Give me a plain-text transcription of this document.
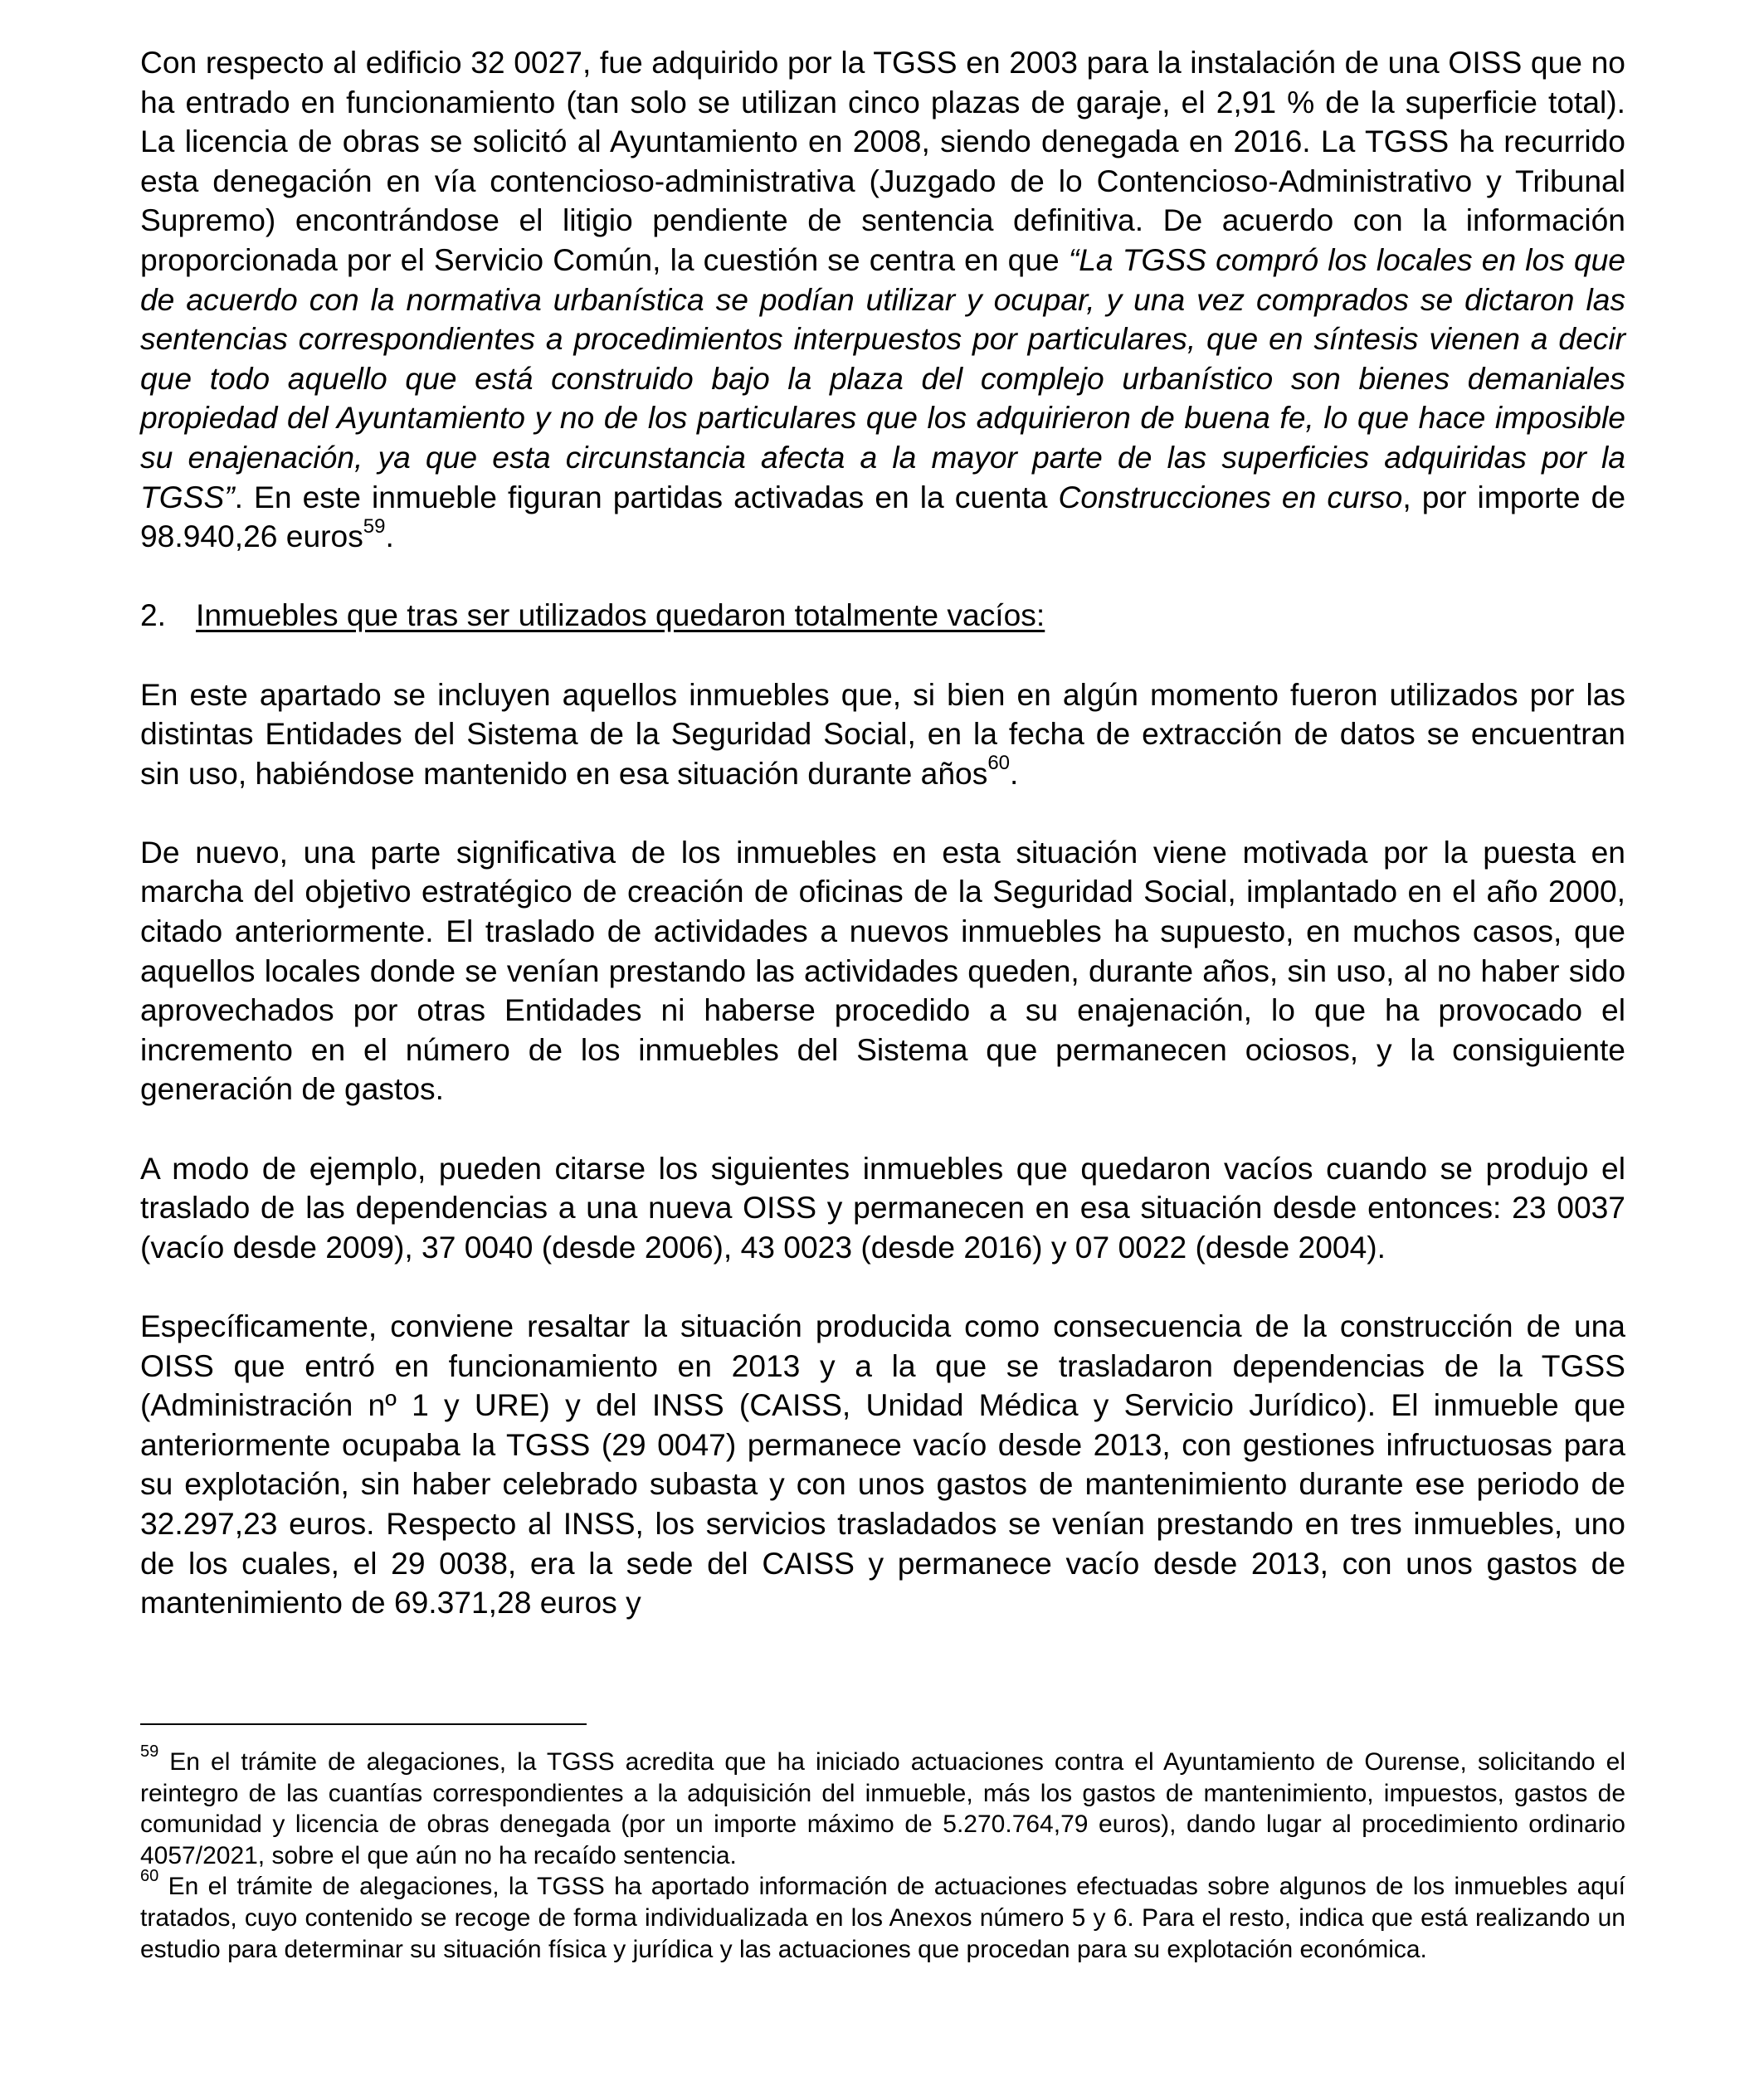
Con respecto al edificio 32 0027, fue adquirido por la TGSS en 2003 para la instalación de una OISS que no ha entrado en funcionamiento (tan solo se utilizan cinco plazas de garaje, el 2,91 % de la superficie total). La licencia de obras se solicitó al Ayuntamiento en 2008, siendo denegada en 2016. La TGSS ha recurrido esta denegación en vía contencioso-administrativa (Juzgado de lo Contencioso-Administrativo y Tribunal Supremo) encontrándose el litigio pendiente de sentencia definitiva. De acuerdo con la información proporcionada por el Servicio Común, la cuestión se centra en que “La TGSS compró los locales en los que de acuerdo con la normativa urbanística se podían utilizar y ocupar, y una vez comprados se dictaron las sentencias correspondientes a procedimientos interpuestos por particulares, que en síntesis vienen a decir que todo aquello que está construido bajo la plaza del complejo urbanístico son bienes demaniales propiedad del Ayuntamiento y no de los particulares que los adquirieron de buena fe, lo que hace imposible su enajenación, ya que esta circunstancia afecta a la mayor parte de las superficies adquiridas por la TGSS”. En este inmueble figuran partidas activadas en la cuenta Construcciones en curso, por importe de 98.940,26 euros$^{59}$.

2. Inmuebles que tras ser utilizados quedaron totalmente vacíos:

En este apartado se incluyen aquellos inmuebles que, si bien en algún momento fueron utilizados por las distintas Entidades del Sistema de la Seguridad Social, en la fecha de extracción de datos se encuentran sin uso, habiéndose mantenido en esa situación durante años$^{60}$.

De nuevo, una parte significativa de los inmuebles en esta situación viene motivada por la puesta en marcha del objetivo estratégico de creación de oficinas de la Seguridad Social, implantado en el año 2000, citado anteriormente. El traslado de actividades a nuevos inmuebles ha supuesto, en muchos casos, que aquellos locales donde se venían prestando las actividades queden, durante años, sin uso, al no haber sido aprovechados por otras Entidades ni haberse procedido a su enajenación, lo que ha provocado el incremento en el número de los inmuebles del Sistema que permanecen ociosos, y la consiguiente generación de gastos.

A modo de ejemplo, pueden citarse los siguientes inmuebles que quedaron vacíos cuando se produjo el traslado de las dependencias a una nueva OISS y permanecen en esa situación desde entonces: 23 0037 (vacío desde 2009), 37 0040 (desde 2006), 43 0023 (desde 2016) y 07 0022 (desde 2004).

Específicamente, conviene resaltar la situación producida como consecuencia de la construcción de una OISS que entró en funcionamiento en 2013 y a la que se trasladaron dependencias de la TGSS (Administración nº 1 y URE) y del INSS (CAISS, Unidad Médica y Servicio Jurídico). El inmueble que anteriormente ocupaba la TGSS (29 0047) permanece vacío desde 2013, con gestiones infructuosas para su explotación, sin haber celebrado subasta y con unos gastos de mantenimiento durante ese periodo de 32.297,23 euros. Respecto al INSS, los servicios trasladados se venían prestando en tres inmuebles, uno de los cuales, el 29 0038, era la sede del CAISS y permanece vacío desde 2013, con unos gastos de mantenimiento de 69.371,28 euros y

$^{59}$ En el trámite de alegaciones, la TGSS acredita que ha iniciado actuaciones contra el Ayuntamiento de Ourense, solicitando el reintegro de las cuantías correspondientes a la adquisición del inmueble, más los gastos de mantenimiento, impuestos, gastos de comunidad y licencia de obras denegada (por un importe máximo de 5.270.764,79 euros), dando lugar al procedimiento ordinario 4057/2021, sobre el que aún no ha recaído sentencia.

$^{60}$ En el trámite de alegaciones, la TGSS ha aportado información de actuaciones efectuadas sobre algunos de los inmuebles aquí tratados, cuyo contenido se recoge de forma individualizada en los Anexos número 5 y 6. Para el resto, indica que está realizando un estudio para determinar su situación física y jurídica y las actuaciones que procedan para su explotación económica.
